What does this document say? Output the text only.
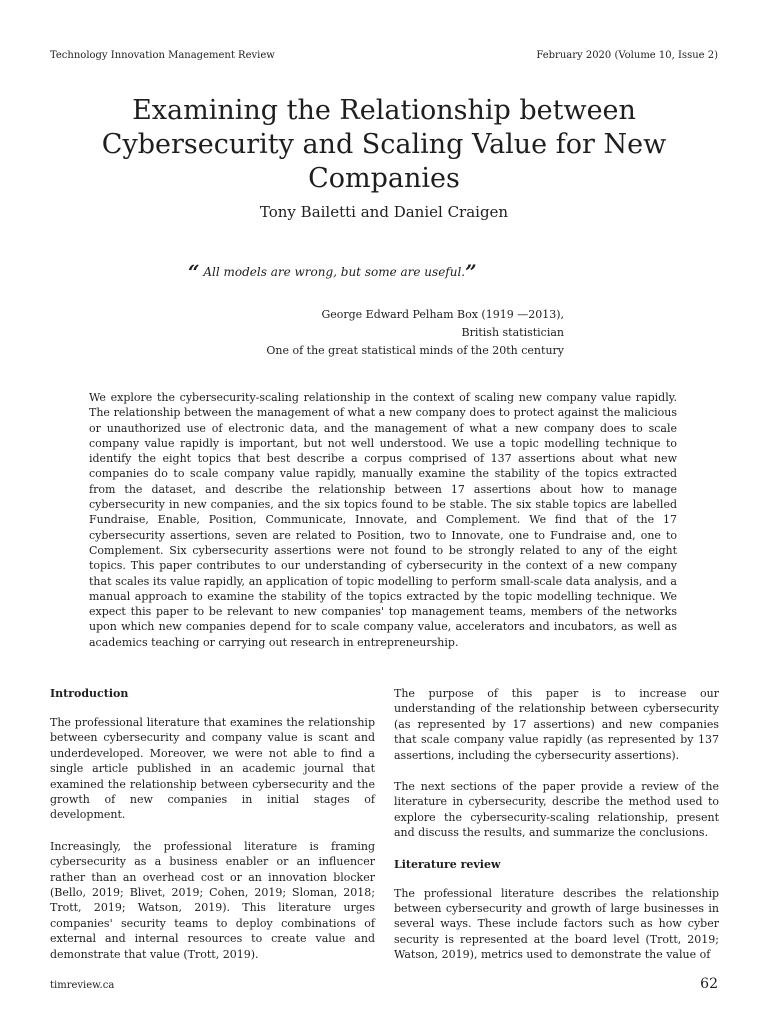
Technology Innovation Management Review	February 2020 (Volume 10, Issue 2)
Examining the Relationship between Cybersecurity and Scaling Value for New Companies
Tony Bailetti and Daniel Craigen
“ All models are wrong, but some are useful.”
George Edward Pelham Box (1919 —2013),
British statistician
One of the great statistical minds of the 20th century

We explore the cybersecurity-scaling relationship in the context of scaling new company value rapidly. The relationship between the management of what a new company does to protect against the malicious or unauthorized use of electronic data, and the management of what a new company does to scale company value rapidly is important, but not well understood. We use a topic modelling technique to identify the eight topics that best describe a corpus comprised of 137 assertions about what new companies do to scale company value rapidly, manually examine the stability of the topics extracted from the dataset, and describe the relationship between 17 assertions about how to manage cybersecurity in new companies, and the six topics found to be stable. The six stable topics are labelled Fundraise, Enable, Position, Communicate, Innovate, and Complement. We find that of the 17 cybersecurity assertions, seven are related to Position, two to Innovate, one to Fundraise and, one to Complement. Six cybersecurity assertions were not found to be strongly related to any of the eight topics. This paper contributes to our understanding of cybersecurity in the context of a new company that scales its value rapidly, an application of topic modelling to perform small-scale data analysis, and a manual approach to examine the stability of the topics extracted by the topic modelling technique. We expect this paper to be relevant to new companies' top management teams, members of the networks upon which new companies depend for to scale company value, accelerators and incubators, as well as academics teaching or carrying out research in entrepreneurship.

Introduction

The professional literature that examines the relationship between cybersecurity and company value is scant and underdeveloped. Moreover, we were not able to find a single article published in an academic journal that examined the relationship between cybersecurity and the growth of new companies in initial stages of development.

Increasingly, the professional literature is framing cybersecurity as a business enabler or an influencer rather than an overhead cost or an innovation blocker (Bello, 2019; Blivet, 2019; Cohen, 2019; Sloman, 2018; Trott, 2019; Watson, 2019). This literature urges companies' security teams to deploy combinations of external and internal resources to create value and demonstrate that value (Trott, 2019).

The purpose of this paper is to increase our understanding of the relationship between cybersecurity (as represented by 17 assertions) and new companies that scale company value rapidly (as represented by 137 assertions, including the cybersecurity assertions).

The next sections of the paper provide a review of the literature in cybersecurity, describe the method used to explore the cybersecurity-scaling relationship, present and discuss the results, and summarize the conclusions.

Literature review

The professional literature describes the relationship between cybersecurity and growth of large businesses in several ways. These include factors such as how cyber security is represented at the board level (Trott, 2019; Watson, 2019), metrics used to demonstrate the value of

timreview.ca	62
